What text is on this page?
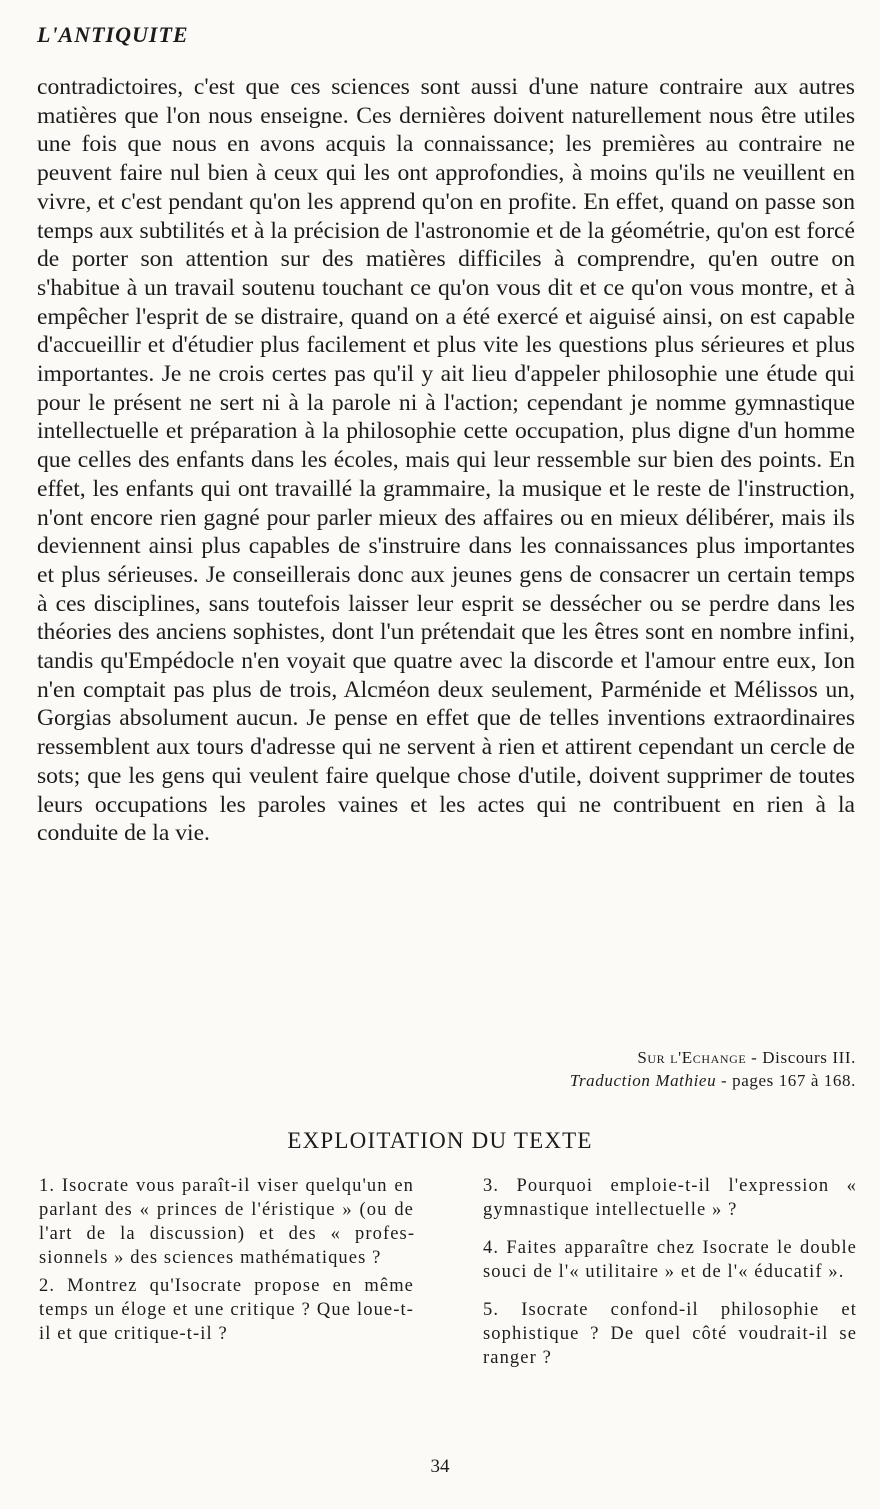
L'ANTIQUITE

contradictoires, c'est que ces sciences sont aussi d'une nature contraire aux autres matières que l'on nous enseigne. Ces dernières doivent naturellement nous être utiles une fois que nous en avons acquis la connaissance; les premières au contraire ne peuvent faire nul bien à ceux qui les ont approfondies, à moins qu'ils ne veuillent en vivre, et c'est pendant qu'on les apprend qu'on en profite. En effet, quand on passe son temps aux subtilités et à la précision de l'astronomie et de la géométrie, qu'on est forcé de porter son attention sur des matières difficiles à comprendre, qu'en outre on s'habitue à un travail soutenu touchant ce qu'on vous dit et ce qu'on vous montre, et à empêcher l'esprit de se distraire, quand on a été exercé et aiguisé ainsi, on est capable d'accueillir et d'étudier plus facilement et plus vite les questions plus sérieures et plus importantes. Je ne crois certes pas qu'il y ait lieu d'appeler philosophie une étude qui pour le présent ne sert ni à la parole ni à l'action; cependant je nomme gymnastique intellectuelle et préparation à la philosophie cette occupation, plus digne d'un homme que celles des enfants dans les écoles, mais qui leur ressemble sur bien des points. En effet, les enfants qui ont travaillé la grammaire, la musique et le reste de l'instruction, n'ont encore rien gagné pour parler mieux des affaires ou en mieux délibérer, mais ils deviennent ainsi plus capables de s'instruire dans les connaissances plus importantes et plus sérieuses. Je conseillerais donc aux jeunes gens de consacrer un certain temps à ces disciplines, sans toutefois laisser leur esprit se dessécher ou se perdre dans les théories des anciens sophistes, dont l'un prétendait que les êtres sont en nombre infini, tandis qu'Empédocle n'en voyait que quatre avec la discorde et l'amour entre eux, Ion n'en comptait pas plus de trois, Alcméon deux seulement, Parménide et Mélissos un, Gorgias absolument aucun. Je pense en effet que de telles inventions extraordinaires ressemblent aux tours d'adresse qui ne servent à rien et attirent cependant un cercle de sots; que les gens qui veulent faire quelque chose d'utile, doivent supprimer de toutes leurs occupations les paroles vaines et les actes qui ne contribuent en rien à la conduite de la vie.

Sur l'Echange - Discours III.
Traduction Mathieu - pages 167 à 168.
EXPLOITATION DU TEXTE

1. Isocrate vous paraît-il viser quelqu'un en parlant des « princes de l'éristique » (ou de l'art de la discussion) et des « professionnels » des sciences mathématiques ?

2. Montrez qu'Isocrate propose en même temps un éloge et une critique ? Que loue-t-il et que critique-t-il ?

3. Pourquoi emploie-t-il l'expression « gymnastique intellectuelle » ?

4. Faites apparaître chez Isocrate le double souci de l'« utilitaire » et de l'« éducatif ».

5. Isocrate confond-il philosophie et sophistique ? De quel côté voudrait-il se ranger ?

34
